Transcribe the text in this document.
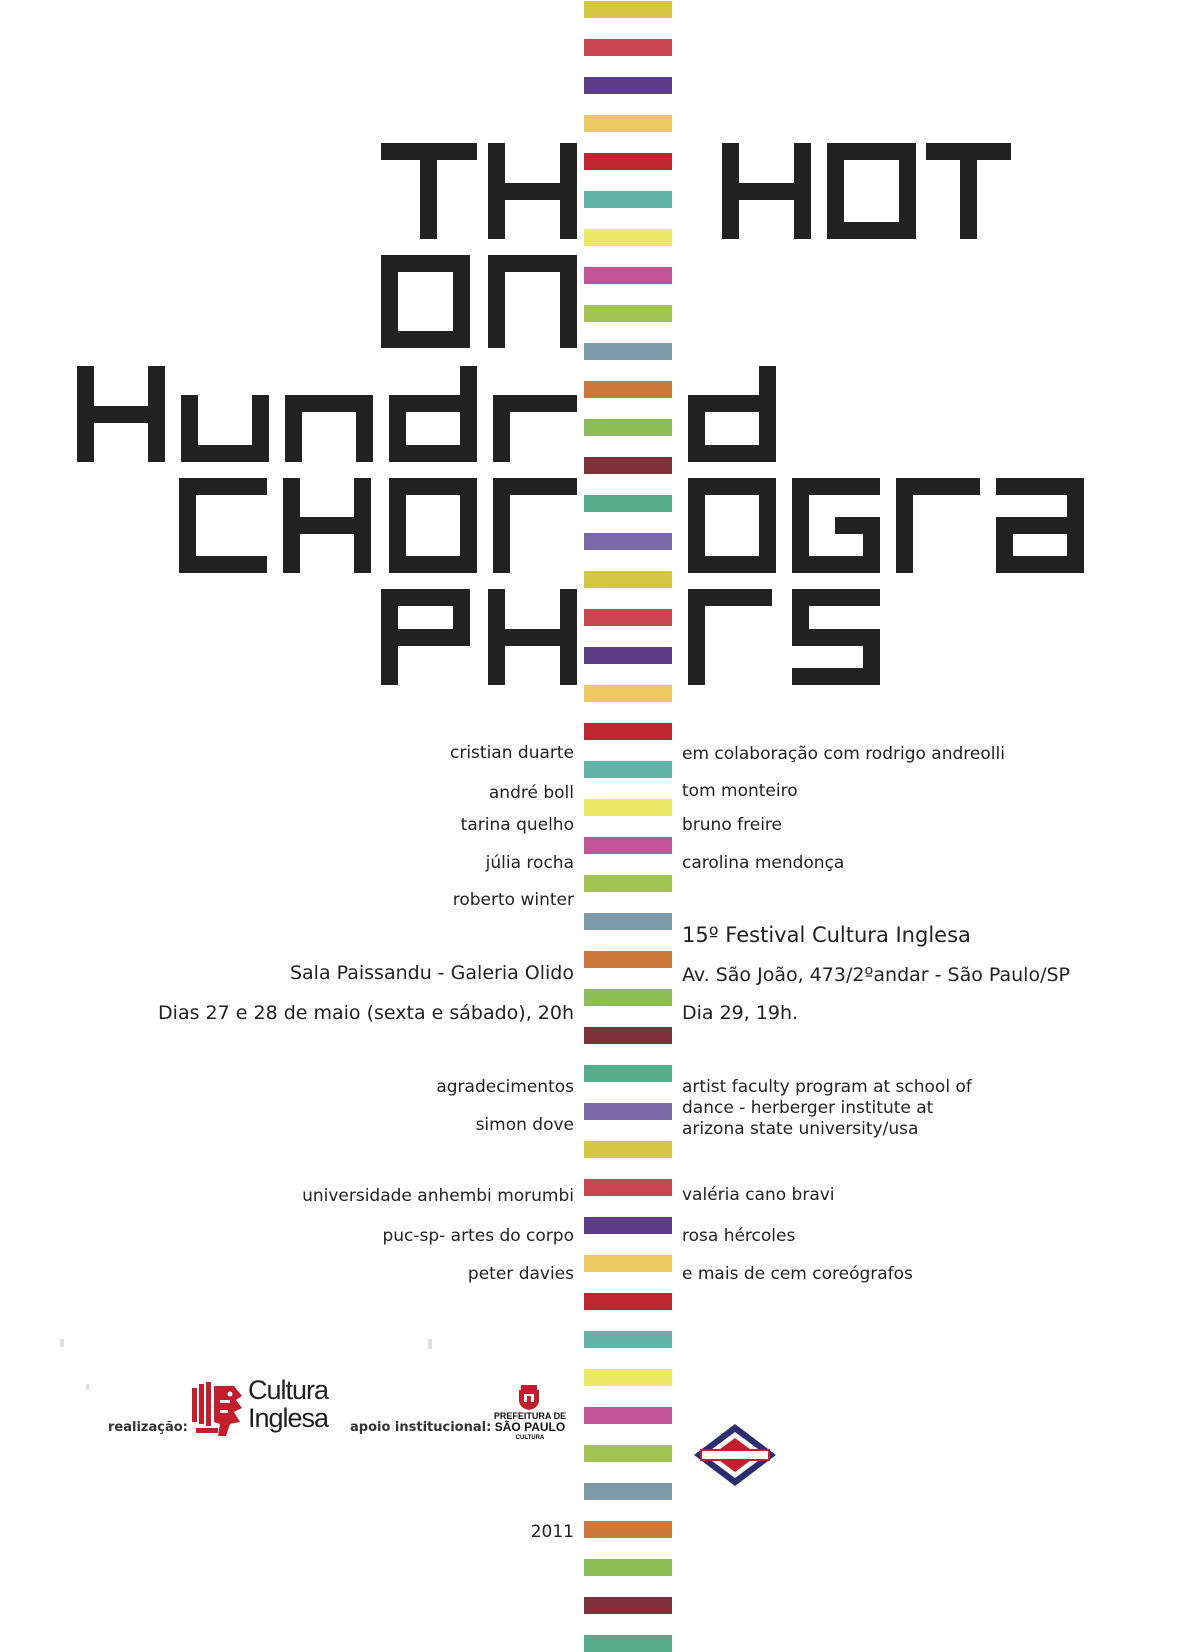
cristian duarte	em colaboração com rodrigo andreolli
andré boll	tom monteiro
tarina quelho	bruno freire
júlia rocha	carolina mendonça
roberto winter
15º Festival Cultura Inglesa
Sala Paissandu - Galeria Olido	Av. São João, 473/2ºandar - São Paulo/SP
Dias 27 e 28 de maio (sexta e sábado), 20h	Dia 29, 19h.
agradecimentos	artist faculty program at school of dance - herberger institute at arizona state university/usa
simon dove
universidade anhembi morumbi	valéria cano bravi
puc-sp- artes do corpo	rosa hércoles
peter davies	e mais de cem coreógrafos
realização:
Cultura
Inglesa apoio institucional:
PREFEITURA DE
SÃO PAULO
CULTURA
2011
